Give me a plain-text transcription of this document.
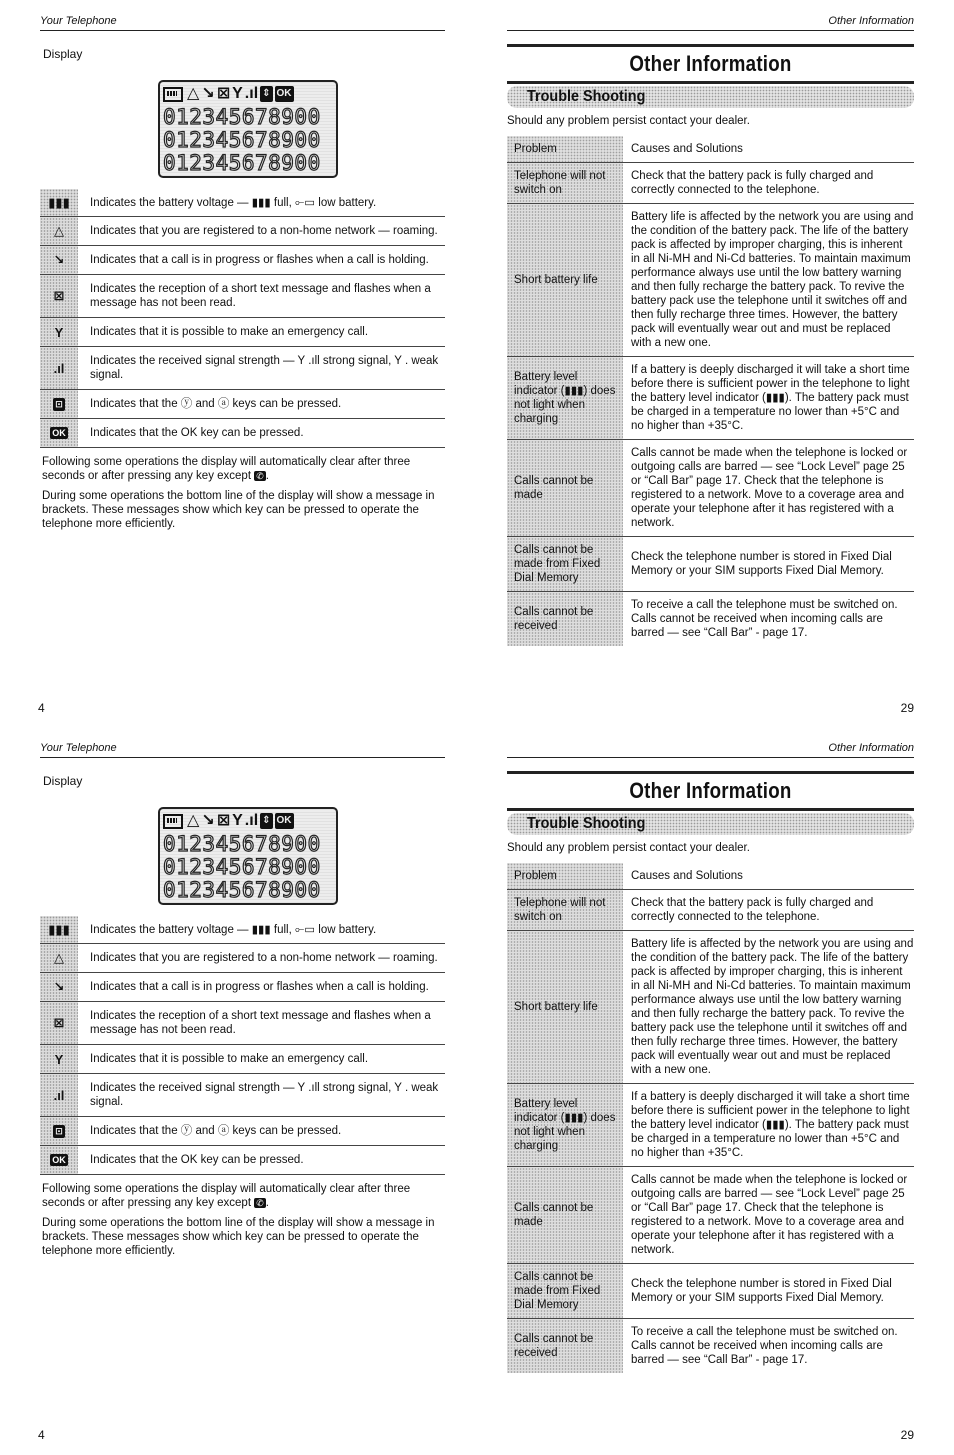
Your Telephone
Display
△ ↘ ⊠ Y .ıl ⇕ OK
012345678900
012345678900
012345678900
▮▮▮	Indicates the battery voltage — ▮▮▮ full, ⟜▭ low battery.
△	Indicates that you are registered to a non-home network — roaming.
↘	Indicates that a call is in progress or flashes when a call is holding.
⊠	Indicates the reception of a short text message and flashes when a message has not been read.
Y	Indicates that it is possible to make an emergency call.
.ıl	Indicates the received signal strength — Y .ıll strong signal, Y . weak signal.
⊡	Indicates that the ⓨ and ⓐ keys can be pressed.
OK	Indicates that the OK key can be pressed.
Following some operations the display will automatically clear after three seconds or after pressing any key except ✆ .
During some operations the bottom line of the display will show a message in brackets. These messages show which key can be pressed to operate the telephone more efficiently.
4
Other Information
Other Information
Trouble Shooting
Should any problem persist contact your dealer.
Problem	Causes and Solutions
Telephone will not switch on	Check that the battery pack is fully charged and correctly connected to the telephone.
Short battery life	Battery life is affected by the network you are using and the condition of the battery pack. The life of the battery pack is affected by improper charging, this is inherent in all Ni-MH and Ni-Cd batteries. To maintain maximum performance always use until the low battery warning and then fully recharge the battery pack. To revive the battery pack use the telephone until it switches off and then fully recharge three times. However, the battery pack will eventually wear out and must be replaced with a new one.
Battery level indicator (▮▮▮) does not light when charging	If a battery is deeply discharged it will take a short time before there is sufficient power in the telephone to light the battery level indicator (▮▮▮). The battery pack must be charged in a temperature no lower than +5°C and no higher than +35°C.
Calls cannot be made	Calls cannot be made when the telephone is locked or outgoing calls are barred — see “Lock Level” page 25 or “Call Bar” page 17. Check that the telephone is registered to a network. Move to a coverage area and operate your telephone after it has registered with a network.
Calls cannot be made from Fixed Dial Memory	Check the telephone number is stored in Fixed Dial Memory or your SIM supports Fixed Dial Memory.
Calls cannot be received	To receive a call the telephone must be switched on. Calls cannot be received when incoming calls are barred — see “Call Bar” - page 17.
29
Your Telephone
Display
△ ↘ ⊠ Y .ıl ⇕ OK
012345678900
012345678900
012345678900
▮▮▮	Indicates the battery voltage — ▮▮▮ full, ⟜▭ low battery.
△	Indicates that you are registered to a non-home network — roaming.
↘	Indicates that a call is in progress or flashes when a call is holding.
⊠	Indicates the reception of a short text message and flashes when a message has not been read.
Y	Indicates that it is possible to make an emergency call.
.ıl	Indicates the received signal strength — Y .ıll strong signal, Y . weak signal.
⊡	Indicates that the ⓨ and ⓐ keys can be pressed.
OK	Indicates that the OK key can be pressed.
Following some operations the display will automatically clear after three seconds or after pressing any key except ✆ .
During some operations the bottom line of the display will show a message in brackets. These messages show which key can be pressed to operate the telephone more efficiently.
4
Other Information
Other Information
Trouble Shooting
Should any problem persist contact your dealer.
Problem	Causes and Solutions
Telephone will not switch on	Check that the battery pack is fully charged and correctly connected to the telephone.
Short battery life	Battery life is affected by the network you are using and the condition of the battery pack. The life of the battery pack is affected by improper charging, this is inherent in all Ni-MH and Ni-Cd batteries. To maintain maximum performance always use until the low battery warning and then fully recharge the battery pack. To revive the battery pack use the telephone until it switches off and then fully recharge three times. However, the battery pack will eventually wear out and must be replaced with a new one.
Battery level indicator (▮▮▮) does not light when charging	If a battery is deeply discharged it will take a short time before there is sufficient power in the telephone to light the battery level indicator (▮▮▮). The battery pack must be charged in a temperature no lower than +5°C and no higher than +35°C.
Calls cannot be made	Calls cannot be made when the telephone is locked or outgoing calls are barred — see “Lock Level” page 25 or “Call Bar” page 17. Check that the telephone is registered to a network. Move to a coverage area and operate your telephone after it has registered with a network.
Calls cannot be made from Fixed Dial Memory	Check the telephone number is stored in Fixed Dial Memory or your SIM supports Fixed Dial Memory.
Calls cannot be received	To receive a call the telephone must be switched on. Calls cannot be received when incoming calls are barred — see “Call Bar” - page 17.
29
